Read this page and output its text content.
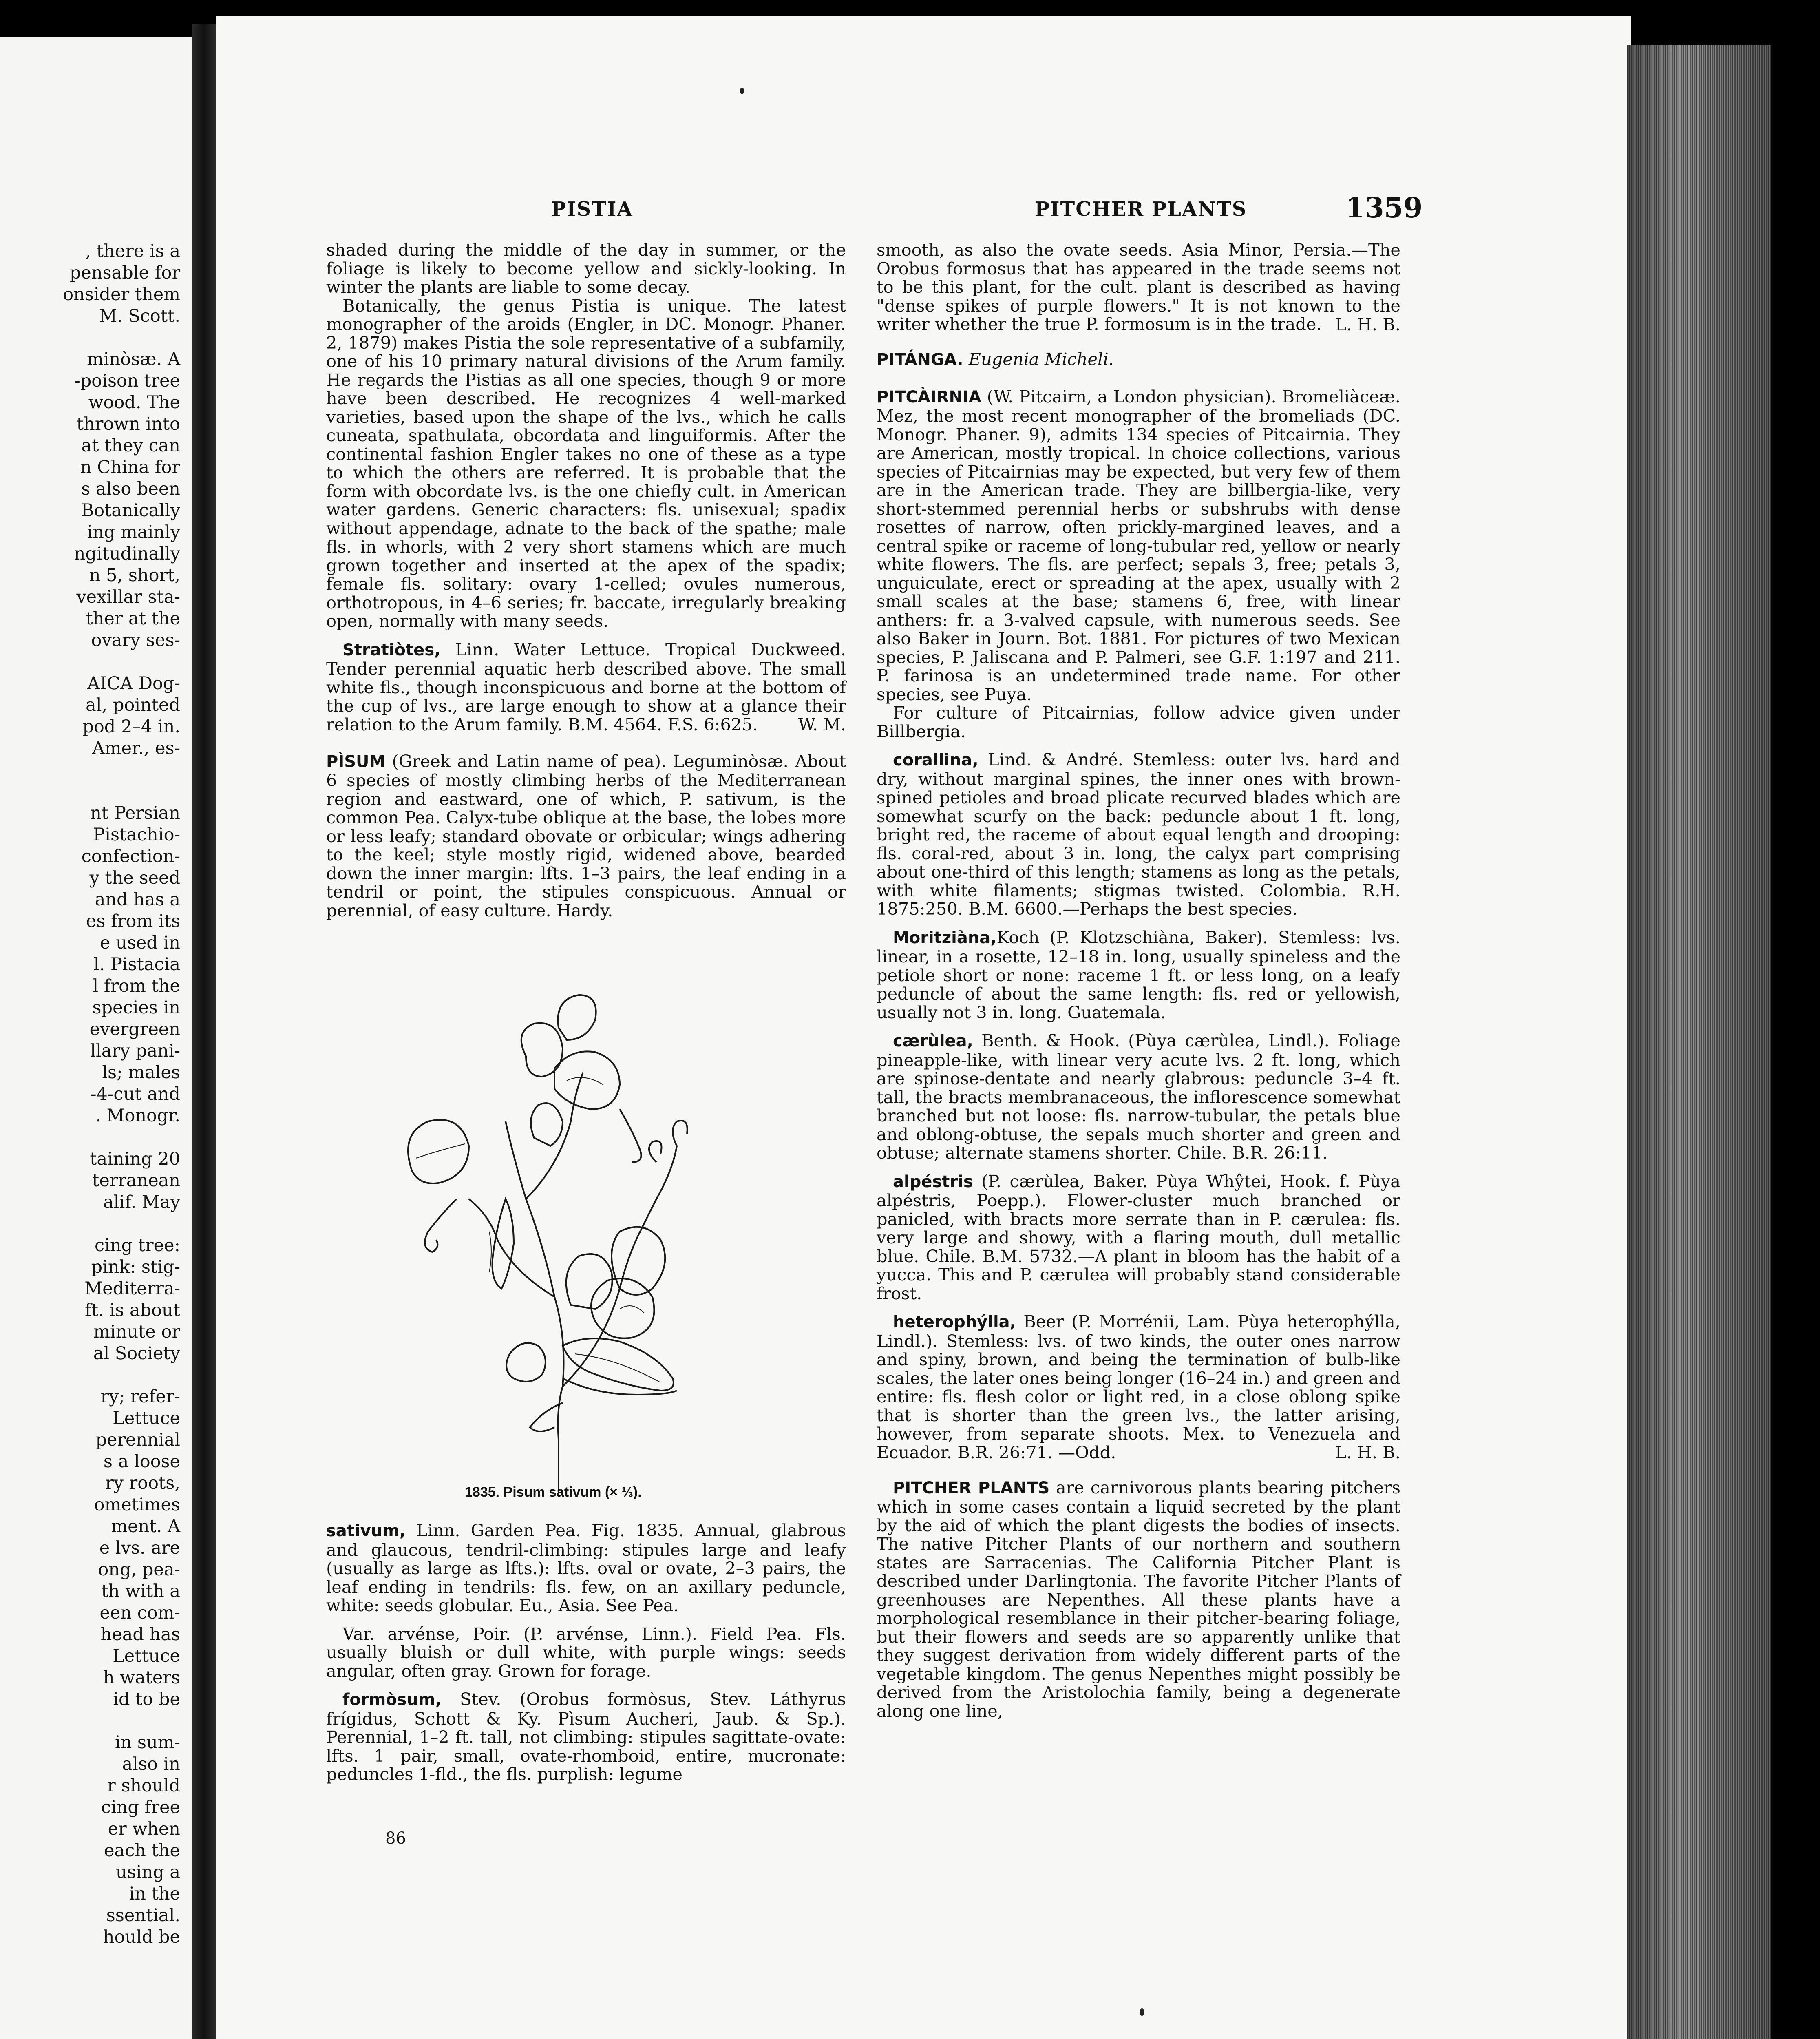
, there is a
pensable for
onsider them
M. Scott.
minòsæ. A
-poison tree
wood. The
thrown into
at they can
n China for
s also been
Botanically
ing mainly
ngitudinally
n 5, short,
vexillar sta-
ther at the
ovary ses-
AICA Dog-
al, pointed
pod 2–4 in.
Amer., es-
nt Persian
Pistachio-
confection-
y the seed
and has a
es from its
e used in
l. Pistacia
l from the
species in
evergreen
llary pani-
ls; males
-4-cut and
. Monogr.
taining 20
terranean
alif. May
cing tree:
pink: stig-
Mediterra-
ft. is about
minute or
al Society
ry; refer-
Lettuce
perennial
s a loose
ry roots,
ometimes
ment. A
e lvs. are
ong, pea-
th with a
een com-
head has
Lettuce
h waters
id to be
in sum-
also in
r should
cing free
er when
each the
using a
in the
ssential.
hould be
PISTIA	PITCHER PLANTS	1359

shaded during the middle of the day in summer, or the foliage is likely to become yellow and sickly-looking. In winter the plants are liable to some decay.

Botanically, the genus Pistia is unique. The latest monographer of the aroids (Engler, in DC. Monogr. Phaner. 2, 1879) makes Pistia the sole representative of a subfamily, one of his 10 primary natural divisions of the Arum family. He regards the Pistias as all one species, though 9 or more have been described. He recognizes 4 well-marked varieties, based upon the shape of the lvs., which he calls cuneata, spathulata, obcordata and linguiformis. After the continental fashion Engler takes no one of these as a type to which the others are referred. It is probable that the form with obcordate lvs. is the one chiefly cult. in American water gardens. Generic characters: fls. unisexual; spadix without appendage, adnate to the back of the spathe; male fls. in whorls, with 2 very short stamens which are much grown together and inserted at the apex of the spadix; female fls. solitary: ovary 1-celled; ovules numerous, orthotropous, in 4–6 series; fr. baccate, irregularly breaking open, normally with many seeds.

Stratiòtes, Linn. Water Lettuce. Tropical Duckweed. Tender perennial aquatic herb described above. The small white fls., though inconspicuous and borne at the bottom of the cup of lvs., are large enough to show at a glance their relation to the Arum family. B.M. 4564. F.S. 6:625.	W. M.

PÌSUM (Greek and Latin name of pea). Leguminòsæ. About 6 species of mostly climbing herbs of the Mediterranean region and eastward, one of which, P. sativum, is the common Pea. Calyx-tube oblique at the base, the lobes more or less leafy; standard obovate or orbicular; wings adhering to the keel; style mostly rigid, widened above, bearded down the inner margin: lfts. 1–3 pairs, the leaf ending in a tendril or point, the stipules conspicuous. Annual or perennial, of easy culture. Hardy.

1835. Pisum sativum (× ⅓).

sativum, Linn. Garden Pea. Fig. 1835. Annual, glabrous and glaucous, tendril-climbing: stipules large and leafy (usually as large as lfts.): lfts. oval or ovate, 2–3 pairs, the leaf ending in tendrils: fls. few, on an axillary peduncle, white: seeds globular. Eu., Asia. See Pea.

Var. arvénse, Poir. (P. arvénse, Linn.). Field Pea. Fls. usually bluish or dull white, with purple wings: seeds angular, often gray. Grown for forage.

formòsum, Stev. (Orobus formòsus, Stev. Láthyrus frígidus, Schott & Ky. Pìsum Aucheri, Jaub. & Sp.). Perennial, 1–2 ft. tall, not climbing: stipules sagittate-ovate: lfts. 1 pair, small, ovate-rhomboid, entire, mucronate: peduncles 1-fld., the fls. purplish: legume

86

smooth, as also the ovate seeds. Asia Minor, Persia.—The Orobus formosus that has appeared in the trade seems not to be this plant, for the cult. plant is described as having "dense spikes of purple flowers." It is not known to the writer whether the true P. formosum is in the trade. L. H. B.

PITÁNGA. Eugenia Micheli.

PITCÀIRNIA (W. Pitcairn, a London physician). Bromeliàceæ. Mez, the most recent monographer of the bromeliads (DC. Monogr. Phaner. 9), admits 134 species of Pitcairnia. They are American, mostly tropical. In choice collections, various species of Pitcairnias may be expected, but very few of them are in the American trade. They are billbergia-like, very short-stemmed perennial herbs or subshrubs with dense rosettes of narrow, often prickly-margined leaves, and a central spike or raceme of long-tubular red, yellow or nearly white flowers. The fls. are perfect; sepals 3, free; petals 3, unguiculate, erect or spreading at the apex, usually with 2 small scales at the base; stamens 6, free, with linear anthers: fr. a 3-valved capsule, with numerous seeds. See also Baker in Journ. Bot. 1881. For pictures of two Mexican species, P. Jaliscana and P. Palmeri, see G.F. 1:197 and 211. P. farinosa is an undetermined trade name. For other species, see Puya.

For culture of Pitcairnias, follow advice given under Billbergia.

corallina, Lind. & André. Stemless: outer lvs. hard and dry, without marginal spines, the inner ones with brown-spined petioles and broad plicate recurved blades which are somewhat scurfy on the back: peduncle about 1 ft. long, bright red, the raceme of about equal length and drooping: fls. coral-red, about 3 in. long, the calyx part comprising about one-third of this length; stamens as long as the petals, with white filaments; stigmas twisted. Colombia. R.H. 1875:250. B.M. 6600.—Perhaps the best species.

Moritziàna,Koch (P. Klotzschiàna, Baker). Stemless: lvs. linear, in a rosette, 12–18 in. long, usually spineless and the petiole short or none: raceme 1 ft. or less long, on a leafy peduncle of about the same length: fls. red or yellowish, usually not 3 in. long. Guatemala.

cærùlea, Benth. & Hook. (Pùya cærùlea, Lindl.). Foliage pineapple-like, with linear very acute lvs. 2 ft. long, which are spinose-dentate and nearly glabrous: peduncle 3–4 ft. tall, the bracts membranaceous, the inflorescence somewhat branched but not loose: fls. narrow-tubular, the petals blue and oblong-obtuse, the sepals much shorter and green and obtuse; alternate stamens shorter. Chile. B.R. 26:11.

alpéstris (P. cærùlea, Baker. Pùya Whŷtei, Hook. f. Pùya alpéstris, Poepp.). Flower-cluster much branched or panicled, with bracts more serrate than in P. cærulea: fls. very large and showy, with a flaring mouth, dull metallic blue. Chile. B.M. 5732.—A plant in bloom has the habit of a yucca. This and P. cærulea will probably stand considerable frost.

heterophýlla, Beer (P. Morrénii, Lam. Pùya heterophýlla, Lindl.). Stemless: lvs. of two kinds, the outer ones narrow and spiny, brown, and being the termination of bulb-like scales, the later ones being longer (16–24 in.) and green and entire: fls. flesh color or light red, in a close oblong spike that is shorter than the green lvs., the latter arising, however, from separate shoots. Mex. to Venezuela and Ecuador. B.R. 26:71. —Odd.	L. H. B.

PITCHER PLANTS are carnivorous plants bearing pitchers which in some cases contain a liquid secreted by the plant by the aid of which the plant digests the bodies of insects. The native Pitcher Plants of our northern and southern states are Sarracenias. The California Pitcher Plant is described under Darlingtonia. The favorite Pitcher Plants of greenhouses are Nepenthes. All these plants have a morphological resemblance in their pitcher-bearing foliage, but their flowers and seeds are so apparently unlike that they suggest derivation from widely different parts of the vegetable kingdom. The genus Nepenthes might possibly be derived from the Aristolochia family, being a degenerate along one line,
